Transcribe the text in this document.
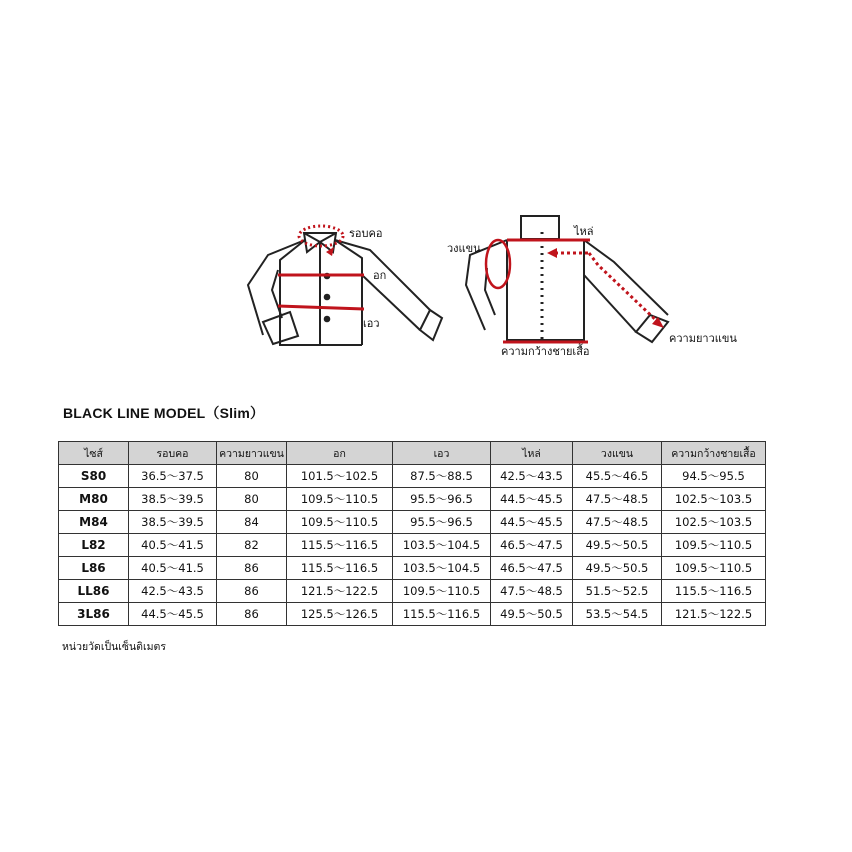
รอบคอ
อก
เอว
ไหล่
วงแขน
ความยาวแขน
ความกว้างชายเสื้อ
BLACK LINE MODEL（Slim）
ไซส์	รอบคอ	ความยาวแขน	อก	เอว	ไหล่	วงแขน	ความกว้างชายเสื้อ
S80	36.5～37.5	80	101.5～102.5	87.5～88.5	42.5～43.5	45.5～46.5	94.5～95.5
M80	38.5～39.5	80	109.5～110.5	95.5～96.5	44.5～45.5	47.5～48.5	102.5～103.5
M84	38.5～39.5	84	109.5～110.5	95.5～96.5	44.5～45.5	47.5～48.5	102.5～103.5
L82	40.5～41.5	82	115.5～116.5	103.5～104.5	46.5～47.5	49.5～50.5	109.5～110.5
L86	40.5～41.5	86	115.5～116.5	103.5～104.5	46.5～47.5	49.5～50.5	109.5～110.5
LL86	42.5～43.5	86	121.5～122.5	109.5～110.5	47.5～48.5	51.5～52.5	115.5～116.5
3L86	44.5～45.5	86	125.5～126.5	115.5～116.5	49.5～50.5	53.5～54.5	121.5～122.5
หน่วยวัดเป็นเซ็นติเมตร
